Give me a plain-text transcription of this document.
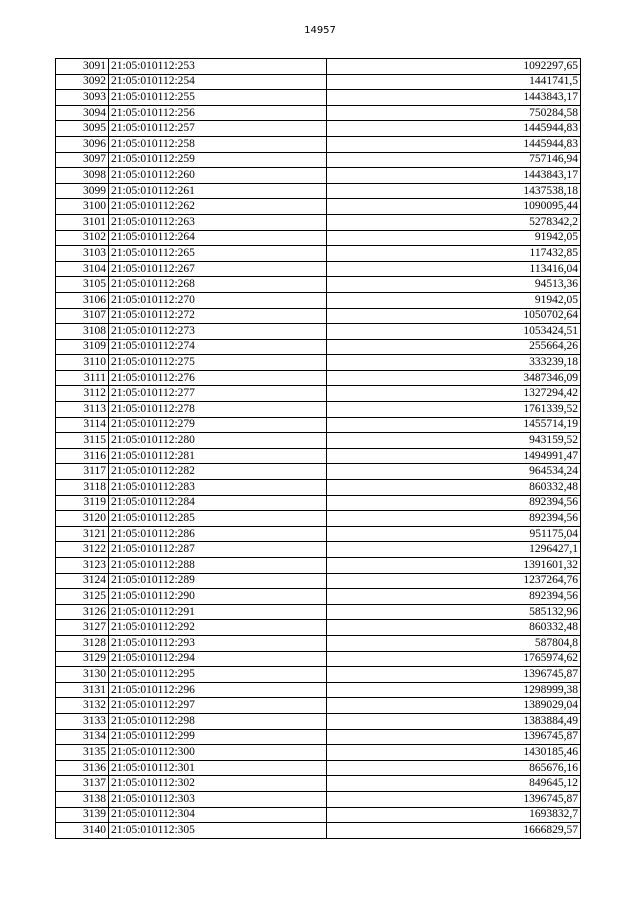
14957
3091	21:05:010112:253	1092297,65
3092	21:05:010112:254	1441741,5
3093	21:05:010112:255	1443843,17
3094	21:05:010112:256	750284,58
3095	21:05:010112:257	1445944,83
3096	21:05:010112:258	1445944,83
3097	21:05:010112:259	757146,94
3098	21:05:010112:260	1443843,17
3099	21:05:010112:261	1437538,18
3100	21:05:010112:262	1090095,44
3101	21:05:010112:263	5278342,2
3102	21:05:010112:264	91942,05
3103	21:05:010112:265	117432,85
3104	21:05:010112:267	113416,04
3105	21:05:010112:268	94513,36
3106	21:05:010112:270	91942,05
3107	21:05:010112:272	1050702,64
3108	21:05:010112:273	1053424,51
3109	21:05:010112:274	255664,26
3110	21:05:010112:275	333239,18
3111	21:05:010112:276	3487346,09
3112	21:05:010112:277	1327294,42
3113	21:05:010112:278	1761339,52
3114	21:05:010112:279	1455714,19
3115	21:05:010112:280	943159,52
3116	21:05:010112:281	1494991,47
3117	21:05:010112:282	964534,24
3118	21:05:010112:283	860332,48
3119	21:05:010112:284	892394,56
3120	21:05:010112:285	892394,56
3121	21:05:010112:286	951175,04
3122	21:05:010112:287	1296427,1
3123	21:05:010112:288	1391601,32
3124	21:05:010112:289	1237264,76
3125	21:05:010112:290	892394,56
3126	21:05:010112:291	585132,96
3127	21:05:010112:292	860332,48
3128	21:05:010112:293	587804,8
3129	21:05:010112:294	1765974,62
3130	21:05:010112:295	1396745,87
3131	21:05:010112:296	1298999,38
3132	21:05:010112:297	1389029,04
3133	21:05:010112:298	1383884,49
3134	21:05:010112:299	1396745,87
3135	21:05:010112:300	1430185,46
3136	21:05:010112:301	865676,16
3137	21:05:010112:302	849645,12
3138	21:05:010112:303	1396745,87
3139	21:05:010112:304	1693832,7
3140	21:05:010112:305	1666829,57
